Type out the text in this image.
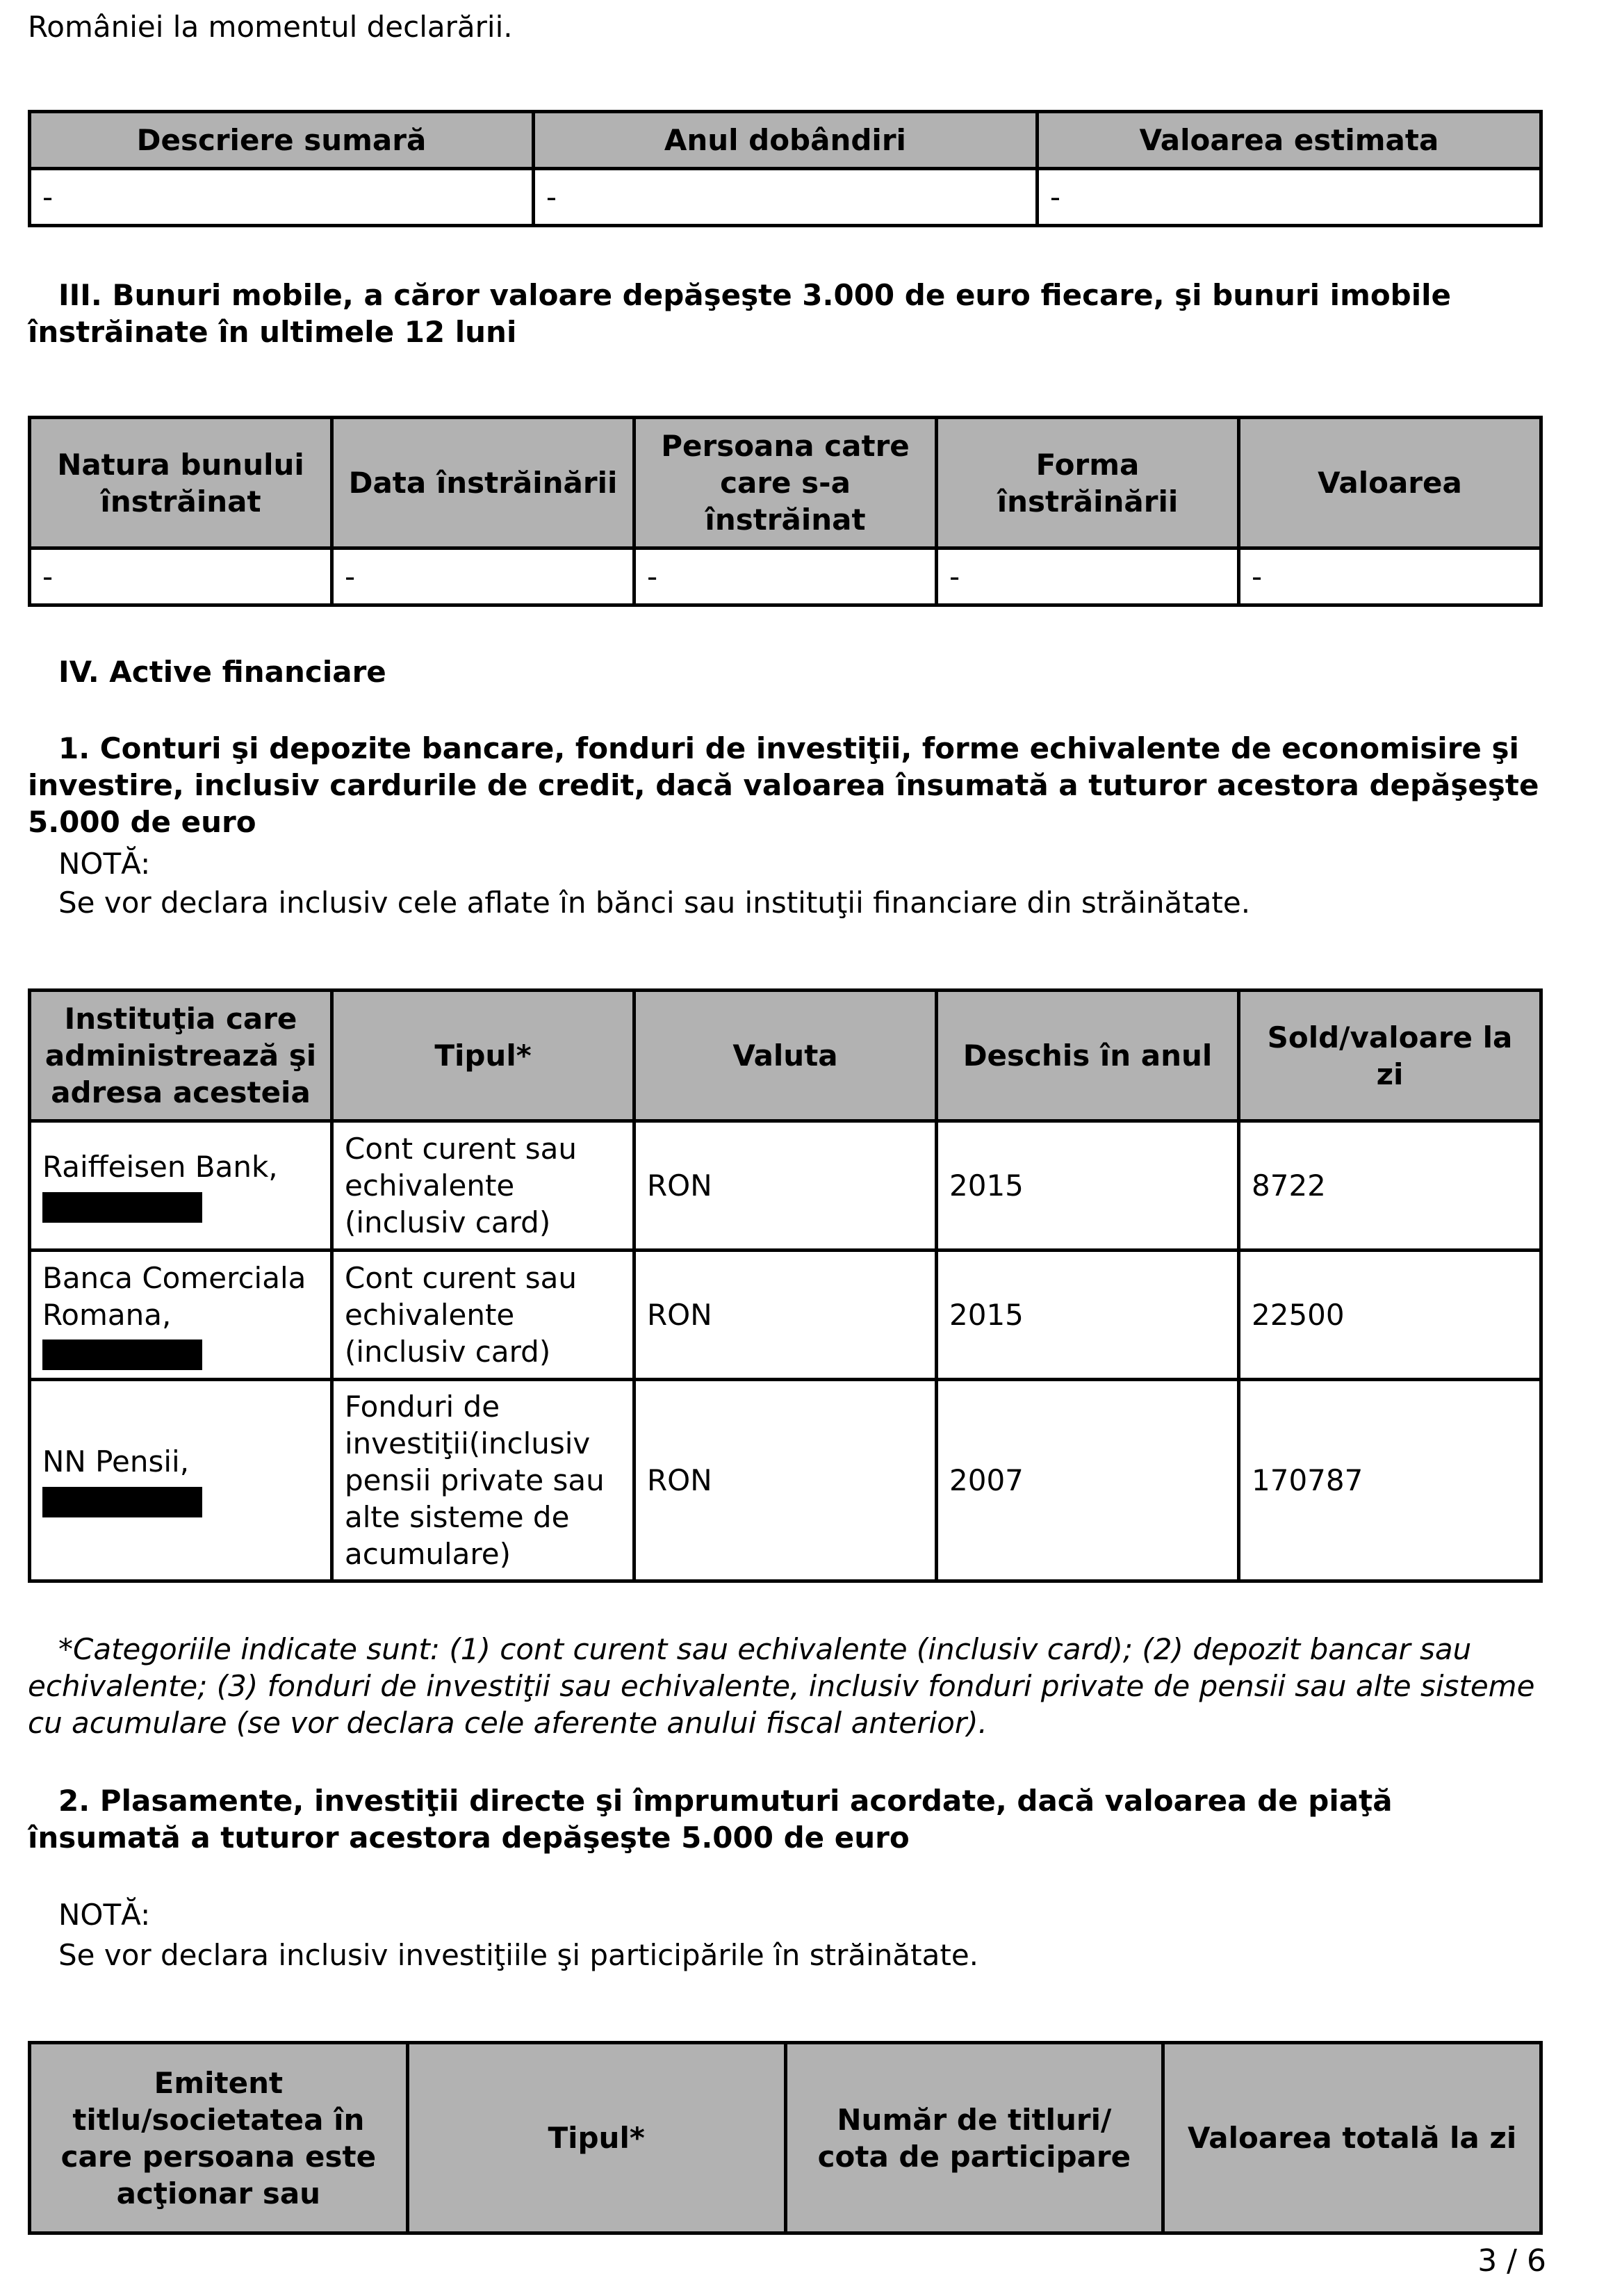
României la momentul declarării.

Descriere sumară	Anul dobândiri	Valoarea estimata
-	-	-

III. Bunuri mobile, a căror valoare depăşeşte 3.000 de euro fiecare, şi bunuri imobile înstrăinate în ultimele 12 luni

Natura bunului înstrăinat	Data înstrăinării	Persoana catre care s-a înstrăinat	Forma înstrăinării	Valoarea
-	-	-	-	-

IV. Active financiare

1. Conturi şi depozite bancare, fonduri de investiţii, forme echivalente de economisire şi investire, inclusiv cardurile de credit, dacă valoarea însumată a tuturor acestora depăşeşte 5.000 de euro

NOTĂ:

Se vor declara inclusiv cele aflate în bănci sau instituţii financiare din străinătate.

Instituţia care administrează şi adresa acesteia	Tipul*	Valuta	Deschis în anul	Sold/valoare la zi
Raiffeisen Bank,	Cont curent sau echivalente (inclusiv card)	RON	2015	8722
Banca Comerciala Romana,	Cont curent sau echivalente (inclusiv card)	RON	2015	22500
NN Pensii,	Fonduri de investiţii(inclusiv pensii private sau alte sisteme de acumulare)	RON	2007	170787

*Categoriile indicate sunt: (1) cont curent sau echivalente (inclusiv card); (2) depozit bancar sau echivalente; (3) fonduri de investiţii sau echivalente, inclusiv fonduri private de pensii sau alte sisteme cu acumulare (se vor declara cele aferente anului fiscal anterior).

2. Plasamente, investiţii directe şi împrumuturi acordate, dacă valoarea de piaţă însumată a tuturor acestora depăşeşte 5.000 de euro

NOTĂ:

Se vor declara inclusiv investiţiile şi participările în străinătate.

Emitent titlu/societatea în care persoana este acţionar sau	Tipul*	Număr de titluri/ cota de participare	Valoarea totală la zi
3 / 6
